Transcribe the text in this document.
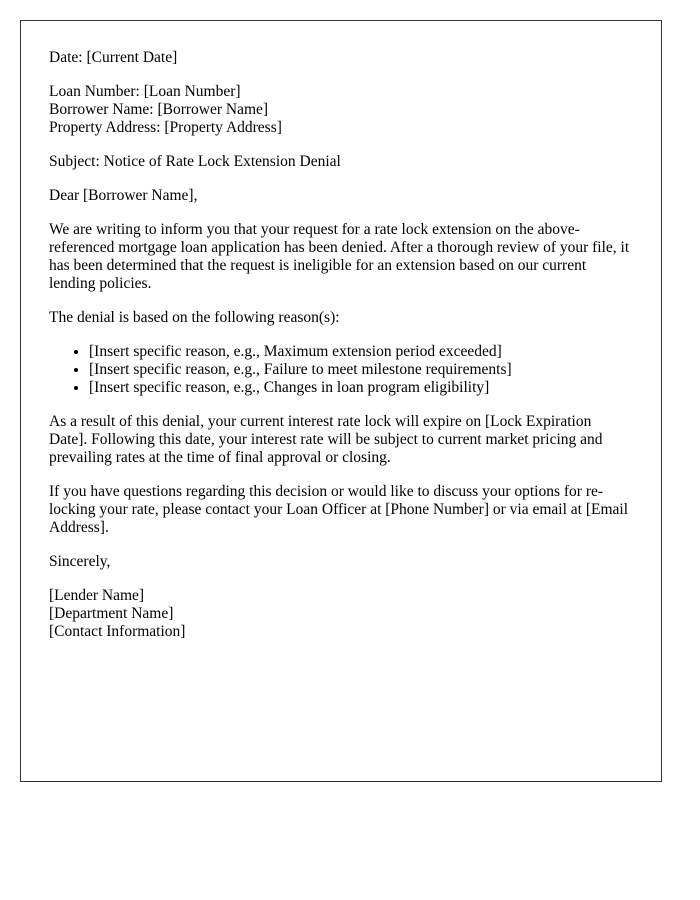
Date: [Current Date]

Loan Number: [Loan Number]
Borrower Name: [Borrower Name]
Property Address: [Property Address]

Subject: Notice of Rate Lock Extension Denial

Dear [Borrower Name],

We are writing to inform you that your request for a rate lock extension on the above-referenced mortgage loan application has been denied. After a thorough review of your file, it has been determined that the request is ineligible for an extension based on our current lending policies.

The denial is based on the following reason(s):

• [Insert specific reason, e.g., Maximum extension period exceeded]
• [Insert specific reason, e.g., Failure to meet milestone requirements]
• [Insert specific reason, e.g., Changes in loan program eligibility]

As a result of this denial, your current interest rate lock will expire on [Lock Expiration Date]. Following this date, your interest rate will be subject to current market pricing and prevailing rates at the time of final approval or closing.

If you have questions regarding this decision or would like to discuss your options for re-locking your rate, please contact your Loan Officer at [Phone Number] or via email at [Email Address].

Sincerely,

[Lender Name]
[Department Name]
[Contact Information]
